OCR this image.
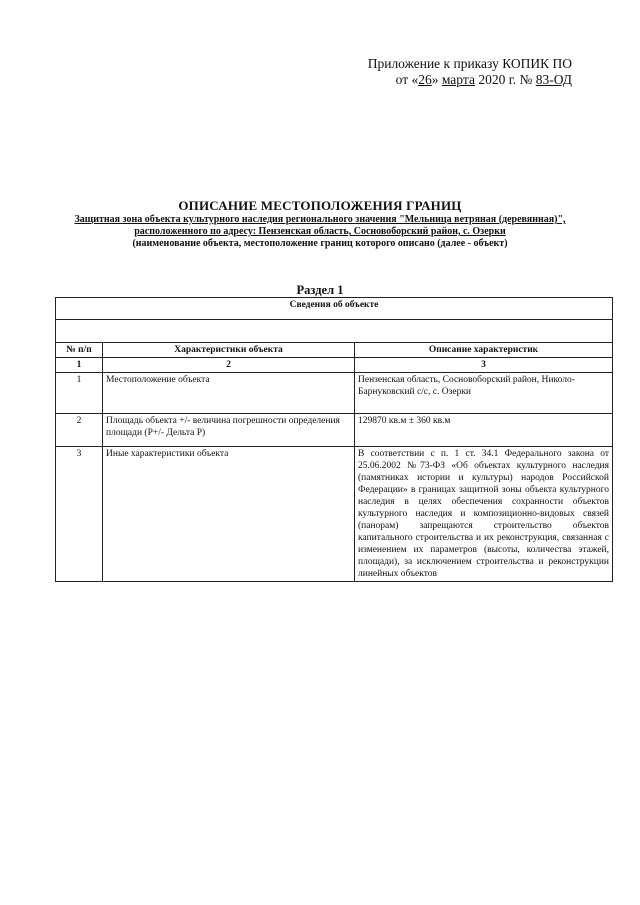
Приложение к приказу КОПИК ПО
от «26» марта 2020 г. № 83-ОД
ОПИСАНИЕ МЕСТОПОЛОЖЕНИЯ ГРАНИЦ
Защитная зона объекта культурного наследия регионального значения "Мельница ветряная (деревянная)",
расположенного по адресу: Пензенская область, Сосновоборский район, с. Озерки
(наименование объекта, местоположение границ которого описано (далее - объект)
Раздел 1
Сведения об объекте		

№ п/п	Характеристики объекта	Описание характеристик
1	2	3
1	Местоположение объекта	Пензенская область, Сосновоборский район, Николо-Барнуковский с/с, с. Озерки
2	Площадь объекта +/- величина погрешности определения площади (Р+/- Дельта Р)	129870 кв.м ± 360 кв.м
3	Иные характеристики объекта	В соответствии с п. 1 ст. 34.1 Федерального закона от 25.06.2002 №73-ФЗ «Об объектах культурного наследия (памятниках истории и культуры) народов Российской Федерации» в границах защитной зоны объекта культурного наследия в целях обеспечения сохранности объектов культурного наследия и композиционно-видовых связей (панорам) запрещаются строительство объектов капитального строительства и их реконструкция, связанная с изменением их параметров (высоты, количества этажей, площади), за исключением строительства и реконструкции линейных объектов
